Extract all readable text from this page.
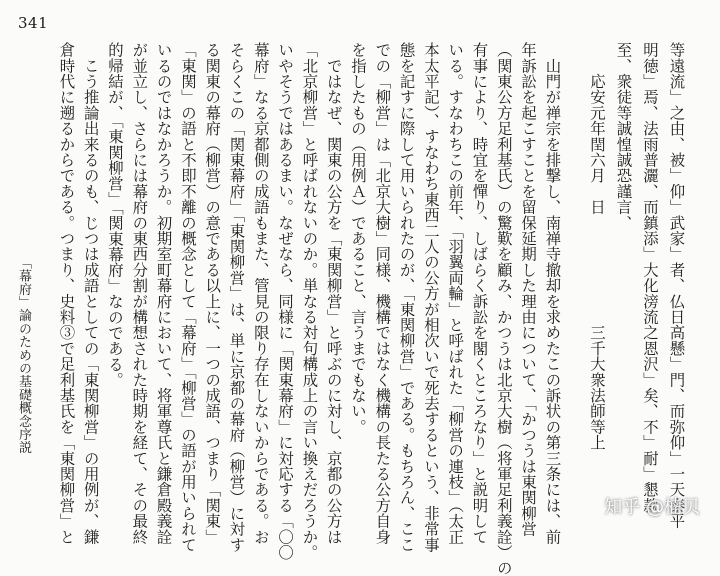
341
等遠流」之由、被」仰」武家」者、仏日高懸」門、而弥仰」一天泰平
明徳」焉、法雨普灑、而鎮添」大化滂流之恩沢」矣、不」耐」懇款
至、衆徒等誠惶誠恐謹言、
　　応安元年閏六月　日　　　　　　　三千大衆法師等上
　山門が禅宗を排撃し、南禅寺撤却を求めたこの訴状の第三条には、前
年訴訟を起こすことを留保延期した理由について、「かつうは東関柳営
（関東公方足利基氏）の驚歎を顧み、かつうは北京大樹（将軍足利義詮）の
有事により、時宜を憚り、しばらく訴訟を閣くところなり」と説明して
いる。すなわちこの前年、「羽翼両輪」と呼ばれた「柳営の連枝」（太正
本太平記）、すなわち東西二人の公方が相次いで死去するという、非常事
態を記すに際して用いられたのが、「東関柳営」である。もちろん、ここ
での「柳営」は「北京大樹」同様、機構ではなく機構の長たる公方自身
を指したもの（用例Ａ）であること、言うまでもない。
　ではなぜ、関東の公方を「東関柳営」と呼ぶのに対し、京都の公方は
「北京柳営」と呼ばれないのか。単なる対句構成上の言い換えだろうか。
いやそうではあるまい。なぜなら、同様に「関東幕府」に対応する「〇〇
幕府」なる京都側の成語もまた、管見の限り存在しないからである。お
そらくこの「関東幕府」「東関柳営」は、単に京都の幕府（柳営）に対す
る関東の幕府（柳営）の意である以上に、一つの成語、つまり「関東」
「東関」の語と不即不離の概念として「幕府」「柳営」の語が用いられて
いるのではなかろうか。初期室町幕府において、将軍尊氏と鎌倉殿義詮
が並立し、さらには幕府の東西分割が構想された時期を経て、その最終
的帰結が、「東関柳営」「関東幕府」なのである。
　こう推論出来るのも、じつは成語としての「東関柳営」の用例が、鎌
倉時代に遡るからである。つまり、史料③で足利基氏を「東関柳営」と
「幕府」論のための基礎概念序説
知乎 @楠贝
